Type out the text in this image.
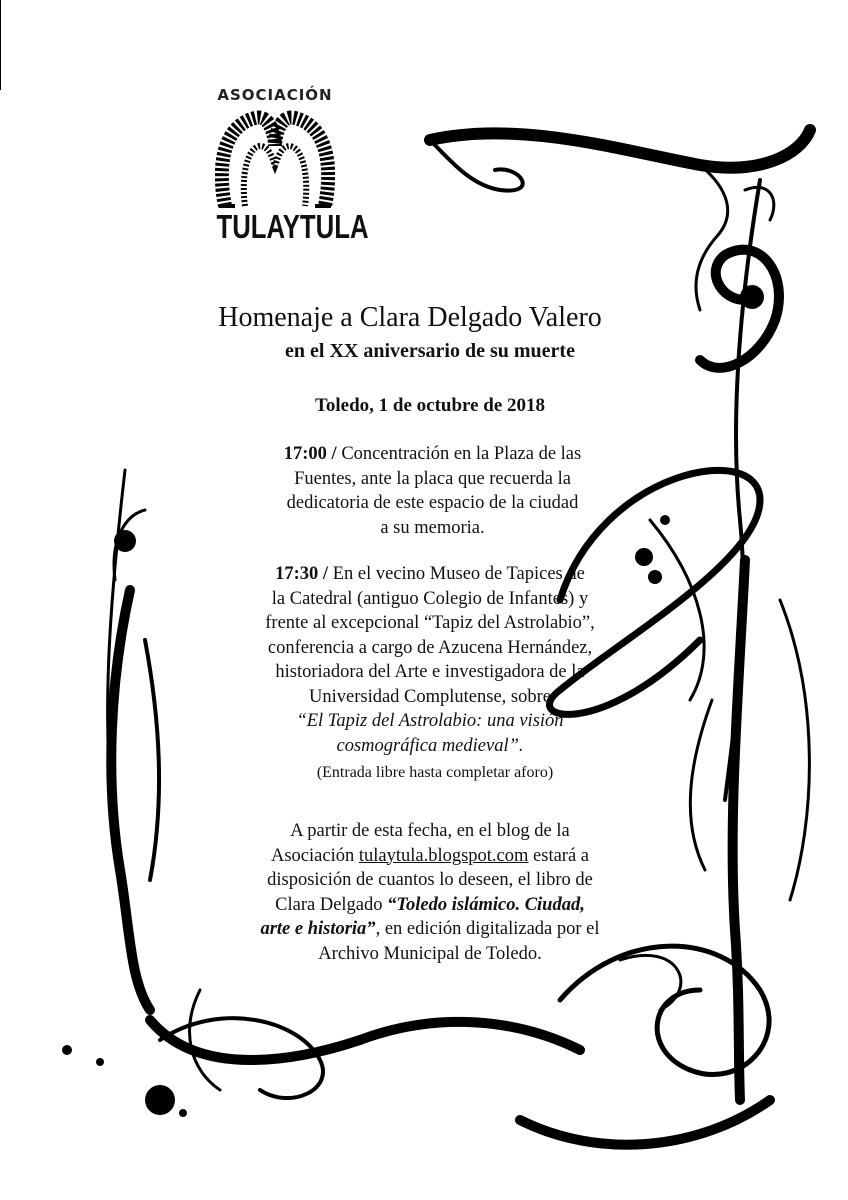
ASOCIACIÓN
TULAYTULA
Homenaje a Clara Delgado Valero
en el XX aniversario de su muerte
Toledo, 1 de octubre de 2018
17:00 / Concentración en la Plaza de las
Fuentes, ante la placa que recuerda la
dedicatoria de este espacio de la ciudad
a su memoria.
17:30 / En el vecino Museo de Tapices de
la Catedral (antiguo Colegio de Infantes) y
frente al excepcional “Tapiz del Astrolabio”,
conferencia a cargo de Azucena Hernández,
historiadora del Arte e investigadora de la
Universidad Complutense, sobre
“El Tapiz del Astrolabio: una visión
cosmográfica medieval”.
(Entrada libre hasta completar aforo)
A partir de esta fecha, en el blog de la
Asociación tulaytula.blogspot.com estará a
disposición de cuantos lo deseen, el libro de
Clara Delgado “Toledo islámico. Ciudad,
arte e historia”, en edición digitalizada por el
Archivo Municipal de Toledo.
